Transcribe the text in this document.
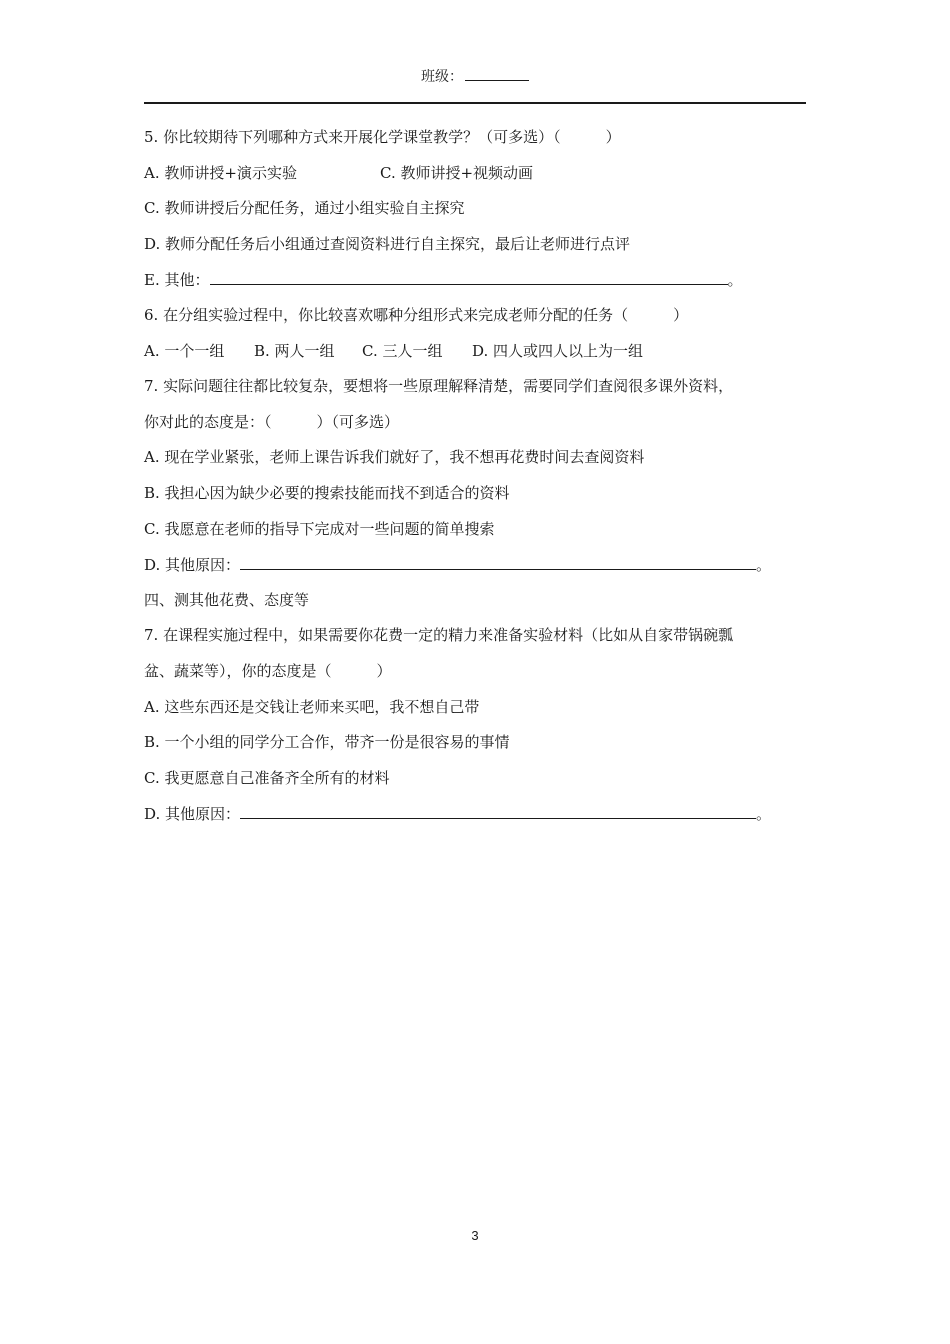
班级：
5. 你比较期待下列哪种方式来开展化学课堂教学？（可多选）（　　　）
A. 教师讲授+演示实验	C. 教师讲授+视频动画
C. 教师讲授后分配任务，通过小组实验自主探究
D. 教师分配任务后小组通过查阅资料进行自主探究，最后让老师进行点评
E. 其他：	。
6. 在分组实验过程中，你比较喜欢哪种分组形式来完成老师分配的任务（　　　）
A. 一个一组 B. 两人一组 C. 三人一组 D. 四人或四人以上为一组
7. 实际问题往往都比较复杂，要想将一些原理解释清楚，需要同学们查阅很多课外资料，
你对此的态度是：（　　　）（可多选）
A. 现在学业紧张，老师上课告诉我们就好了，我不想再花费时间去查阅资料
B. 我担心因为缺少必要的搜索技能而找不到适合的资料
C. 我愿意在老师的指导下完成对一些问题的简单搜索
D. 其他原因：	。
四、测其他花费、态度等
7. 在课程实施过程中，如果需要你花费一定的精力来准备实验材料（比如从自家带锅碗瓢
盆、蔬菜等），你的态度是（　　　）
A. 这些东西还是交钱让老师来买吧，我不想自己带
B. 一个小组的同学分工合作，带齐一份是很容易的事情
C. 我更愿意自己准备齐全所有的材料
D. 其他原因：	。
3
